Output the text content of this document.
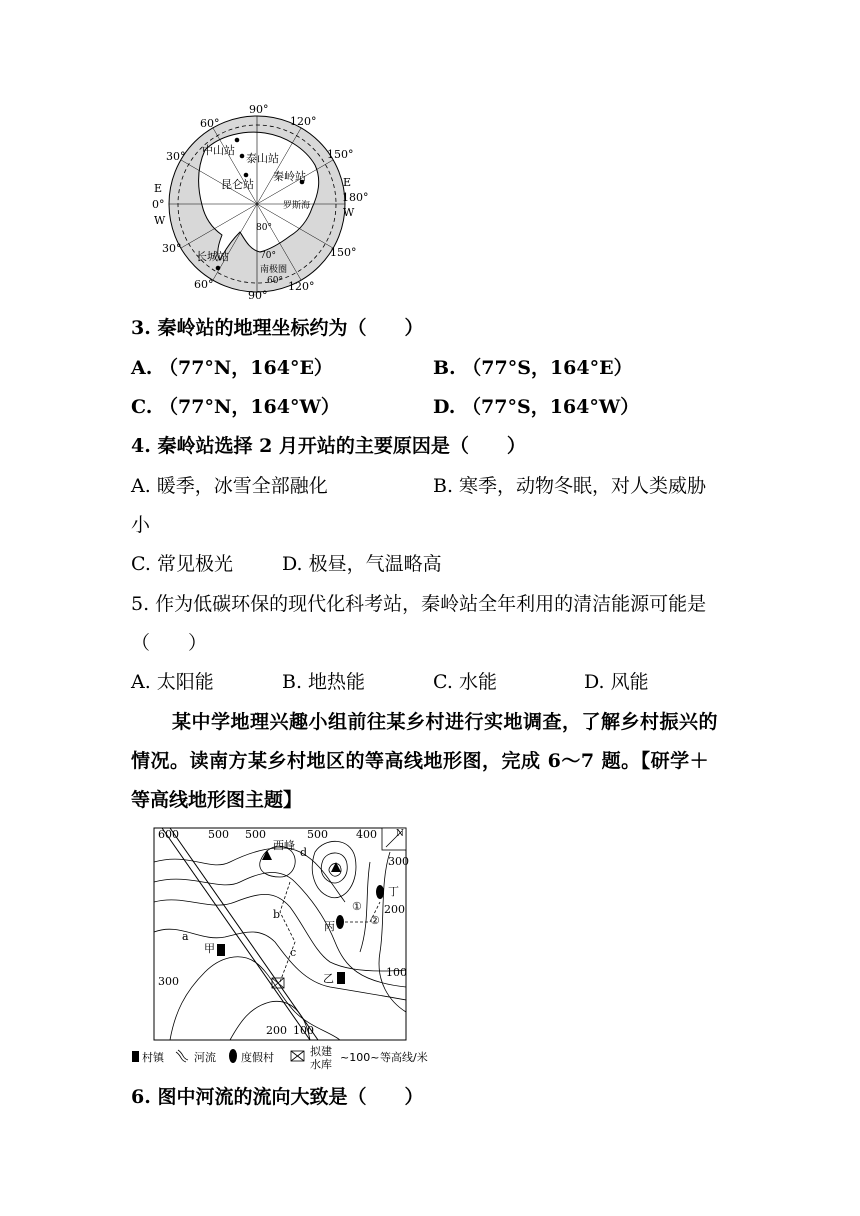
90°
60°	120°
30°	150°
E
0°
W
E
180°
W
30°	150°
60°
90°
120°
中山站
泰山站
昆仑站
秦岭站
罗斯海
80°
70°
60°
南极圈
长城站
3. 秦岭站的地理坐标约为（　　）
A. （77°N，164°E）	B. （77°S，164°E）
C. （77°N，164°W）	D. （77°S，164°W）
4. 秦岭站选择 2 月开站的主要原因是（　　）
A. 暖季，冰雪全部融化	B. 寒季，动物冬眠，对人类威胁
小
C. 常见极光	D. 极昼，气温略高
5. 作为低碳环保的现代化科考站，秦岭站全年利用的清洁能源可能是
（　　）
A. 太阳能	B. 地热能	C. 水能	D. 风能
某中学地理兴趣小组前往某乡村进行实地调查，了解乡村振兴的
情况。读南方某乡村地区的等高线地形图，完成 6～7 题。【研学＋
等高线地形图主题】
N
600	500 500	500	400
300
300
200
200
100
100
西峰
d
b
a
c
甲
乙
丙
丁
①
②
村镇	河流 度假村	拟建
水库
~100~ 等高线/米
6. 图中河流的流向大致是（　　）
